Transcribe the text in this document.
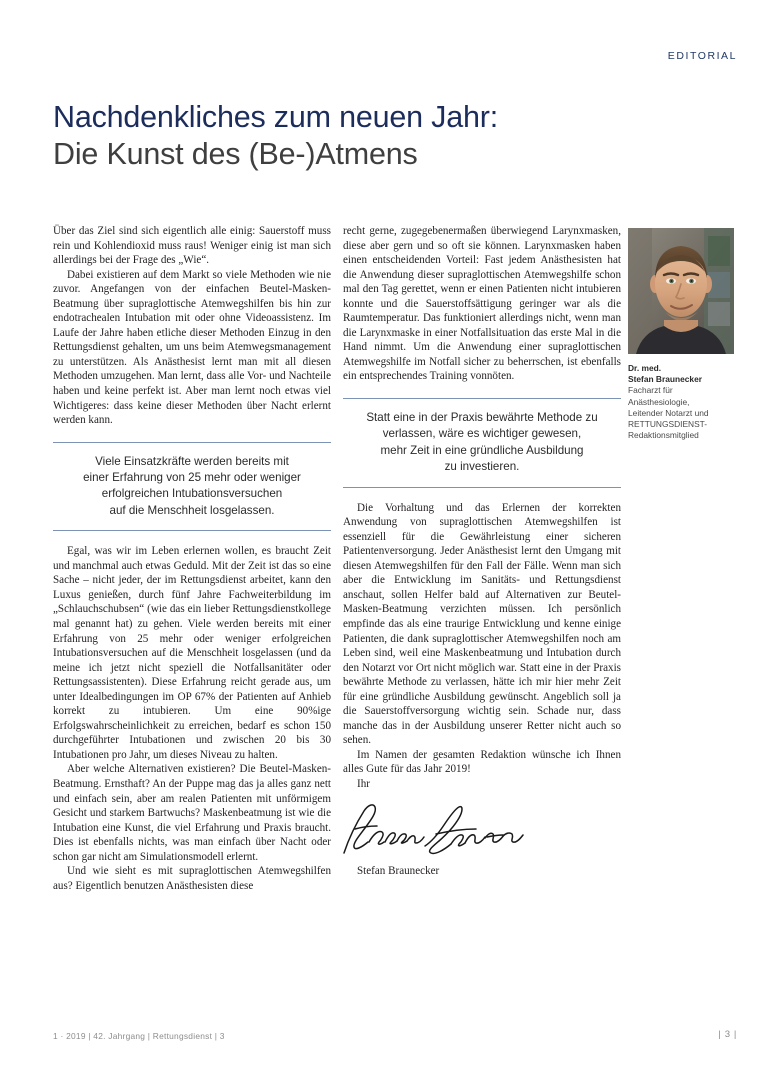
EDITORIAL
Nachdenkliches zum neuen Jahr:
Die Kunst des (Be-)Atmens

Über das Ziel sind sich eigentlich alle einig: Sauerstoff muss rein und Kohlendioxid muss raus! Weniger einig ist man sich allerdings bei der Frage des „Wie“.

Dabei existieren auf dem Markt so viele Methoden wie nie zuvor. Angefangen von der einfachen Beutel-Masken-Beatmung über supraglottische Atemwegshilfen bis hin zur endotrachealen Intubation mit oder ohne Videoassistenz. Im Laufe der Jahre haben etliche dieser Methoden Einzug in den Rettungsdienst gehalten, um uns beim Atemwegsmanagement zu unterstützen. Als Anästhesist lernt man mit all diesen Methoden umzugehen. Man lernt, dass alle Vor- und Nachteile haben und keine perfekt ist. Aber man lernt noch etwas viel Wichtigeres: dass keine dieser Methoden über Nacht erlernt werden kann.

Viele Einsatzkräfte werden bereits mit
einer Erfahrung von 25 mehr oder weniger
erfolgreichen Intubationsversuchen
auf die Menschheit losgelassen.

Egal, was wir im Leben erlernen wollen, es braucht Zeit und manchmal auch etwas Geduld. Mit der Zeit ist das so eine Sache – nicht jeder, der im Rettungsdienst arbeitet, kann den Luxus genießen, durch fünf Jahre Fachweiterbildung im „Schlauchschubsen“ (wie das ein lieber Rettungsdienstkollege mal genannt hat) zu gehen. Viele werden bereits mit einer Erfahrung von 25 mehr oder weniger erfolgreichen Intubationsversuchen auf die Menschheit losgelassen (und da meine ich jetzt nicht speziell die Notfallsanitäter oder Rettungsassistenten). Diese Erfahrung reicht gerade aus, um unter Idealbedingungen im OP 67% der Patienten auf Anhieb korrekt zu intubieren. Um eine 90%ige Erfolgswahrscheinlichkeit zu erreichen, bedarf es schon 150 durchgeführter Intubationen und zwischen 20 bis 30 Intubationen pro Jahr, um dieses Niveau zu halten.

Aber welche Alternativen existieren? Die Beutel-Masken-Beatmung. Ernsthaft? An der Puppe mag das ja alles ganz nett und einfach sein, aber am realen Patienten mit unförmigem Gesicht und starkem Bartwuchs? Maskenbeatmung ist wie die Intubation eine Kunst, die viel Erfahrung und Praxis braucht. Dies ist ebenfalls nichts, was man einfach über Nacht oder schon gar nicht am Simulationsmodell erlernt.

Und wie sieht es mit supraglottischen Atemwegshilfen aus? Eigentlich benutzen Anästhesisten diese

recht gerne, zugegebenermaßen überwiegend Larynxmasken, diese aber gern und so oft sie können. Larynxmasken haben einen entscheidenden Vorteil: Fast jedem Anästhesisten hat die Anwendung dieser supraglottischen Atemwegshilfe schon mal den Tag gerettet, wenn er einen Patienten nicht intubieren konnte und die Sauerstoffsättigung geringer war als die Raumtemperatur. Das funktioniert allerdings nicht, wenn man die Larynxmaske in einer Notfallsituation das erste Mal in die Hand nimmt. Um die Anwendung einer supraglottischen Atemwegshilfe im Notfall sicher zu beherrschen, ist ebenfalls ein entsprechendes Training vonnöten.

Statt eine in der Praxis bewährte Methode zu
verlassen, wäre es wichtiger gewesen,
mehr Zeit in eine gründliche Ausbildung
zu investieren.

Die Vorhaltung und das Erlernen der korrekten Anwendung von supraglottischen Atemwegshilfen ist essenziell für die Gewährleistung einer sicheren Patientenversorgung. Jeder Anästhesist lernt den Umgang mit diesen Atemwegshilfen für den Fall der Fälle. Wenn man sich aber die Entwicklung im Sanitäts- und Rettungsdienst anschaut, sollen Helfer bald auf Alternativen zur Beutel-Masken-Beatmung verzichten müssen. Ich persönlich empfinde das als eine traurige Entwicklung und kenne einige Patienten, die dank supraglottischer Atemwegshilfen noch am Leben sind, weil eine Maskenbeatmung und Intubation durch den Notarzt vor Ort nicht möglich war. Statt eine in der Praxis bewährte Methode zu verlassen, hätte ich mir hier mehr Zeit für eine gründliche Ausbildung gewünscht. Angeblich soll ja die Sauerstoffversorgung wichtig sein. Schade nur, dass manche das in der Ausbildung unserer Retter nicht auch so sehen.

Im Namen der gesamten Redaktion wünsche ich Ihnen alles Gute für das Jahr 2019!

Ihr

Stefan Braunecker

Dr. med.
Stefan Braunecker
Facharzt für
Anästhesiologie,
Leitender Notarzt und
RETTUNGSDIENST-
Redaktionsmitglied
1 · 2019 | 42. Jahrgang | Rettungsdienst | 3	| 3 |
